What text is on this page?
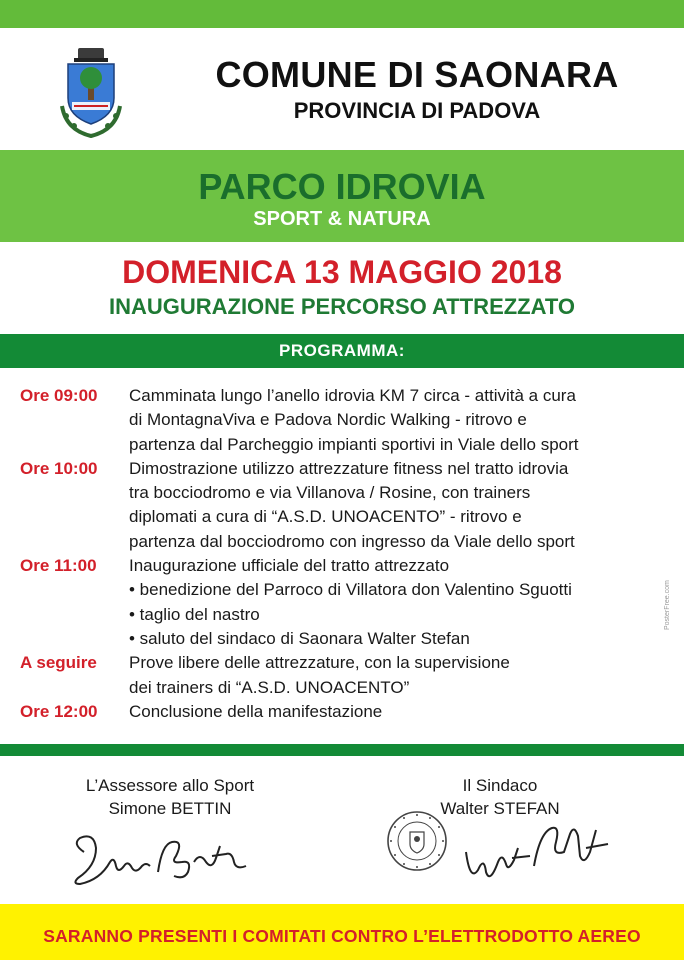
COMUNE DI SAONARA
PROVINCIA DI PADOVA
PARCO IDROVIA
SPORT & NATURA
DOMENICA 13 MAGGIO 2018
INAUGURAZIONE PERCORSO ATTREZZATO
PROGRAMMA:
Ore 09:00 Camminata lungo l’anello idrovia KM 7 circa - attività a cura
di MontagnaViva e Padova Nordic Walking - ritrovo e
partenza dal Parcheggio impianti sportivi in Viale dello sport
Ore 10:00 Dimostrazione utilizzo attrezzature fitness nel tratto idrovia
tra bocciodromo e via Villanova / Rosine, con trainers
diplomati a cura di “A.S.D. UNOACENTO” - ritrovo e
partenza dal bocciodromo con ingresso da Viale dello sport
Ore 11:00 Inaugurazione ufficiale del tratto attrezzato
• benedizione del Parroco di Villatora don Valentino Sguotti
• taglio del nastro
• saluto del sindaco di Saonara Walter Stefan
A seguire Prove libere delle attrezzature, con la supervisione
dei trainers di “A.S.D. UNOACENTO”
Ore 12:00 Conclusione della manifestazione
PosterFree.com
L’Assessore allo Sport
Simone BETTIN
Il Sindaco
Walter STEFAN
SARANNO PRESENTI I COMITATI CONTRO L’ELETTRODOTTO AEREO
